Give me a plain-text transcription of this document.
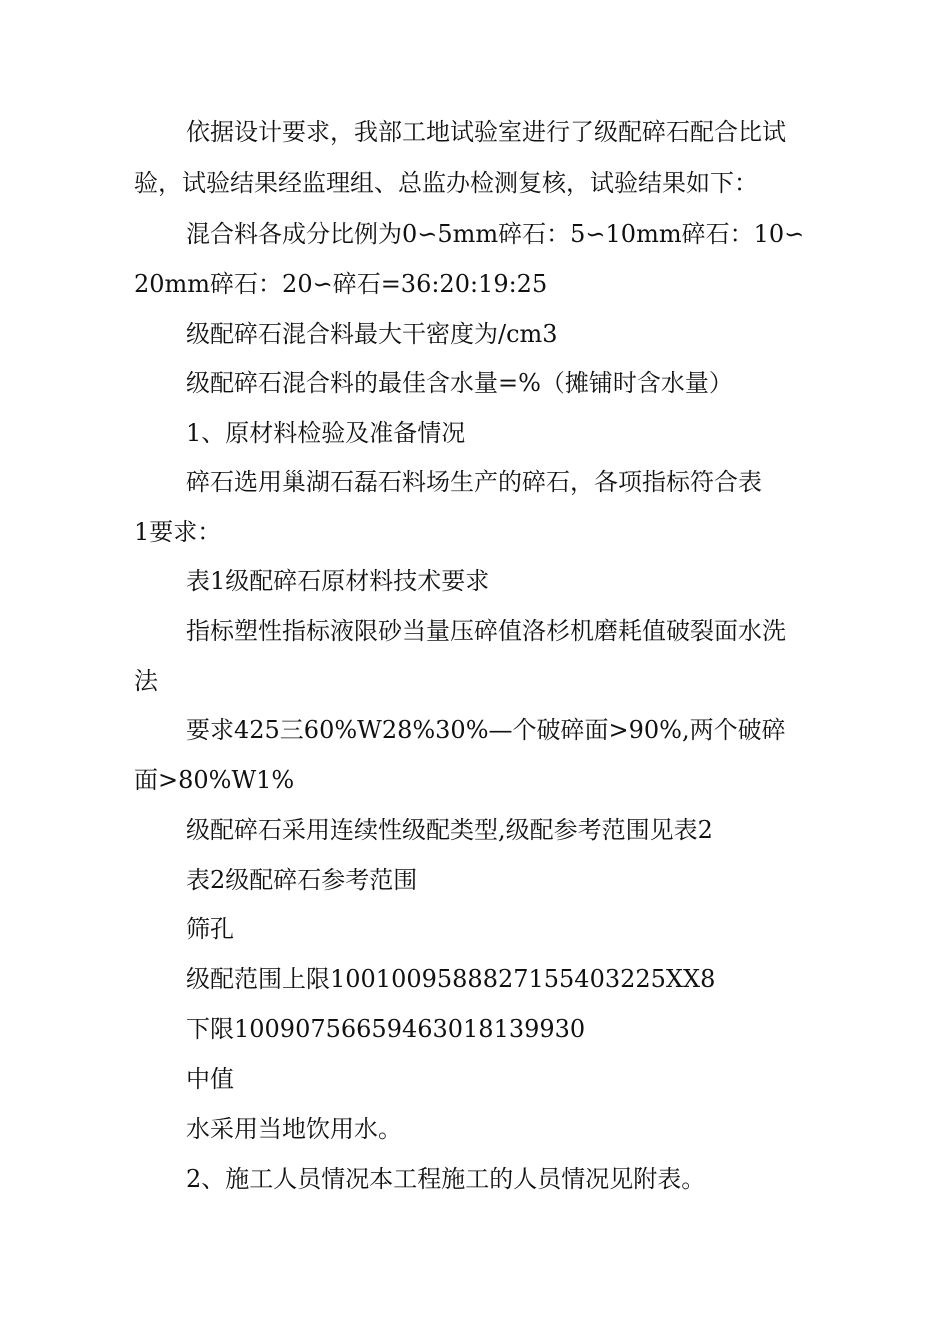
依据设计要求，我部工地试验室进行了级配碎石配合比试
验，试验结果经监理组、总监办检测复核，试验结果如下：
混合料各成分比例为0∽5mm碎石：5∽10mm碎石：10∽
20mm碎石：20∽碎石=36:20:19:25
级配碎石混合料最大干密度为/cm3
级配碎石混合料的最佳含水量=%（摊铺时含水量）
1、原材料检验及准备情况
碎石选用巢湖石磊石料场生产的碎石，各项指标符合表
1要求：
表1级配碎石原材料技术要求
指标塑性指标液限砂当量压碎值洛杉机磨耗值破裂面水洗
法
要求425三60%W28%30%—个破碎面>90%,两个破碎
面>80%W1%
级配碎石采用连续性级配类型,级配参考范围见表2
表2级配碎石参考范围
筛孔
级配范围上限1001009588827155403225XX8
下限10090756659463018139930
中值
水采用当地饮用水。
2、施工人员情况本工程施工的人员情况见附表。
